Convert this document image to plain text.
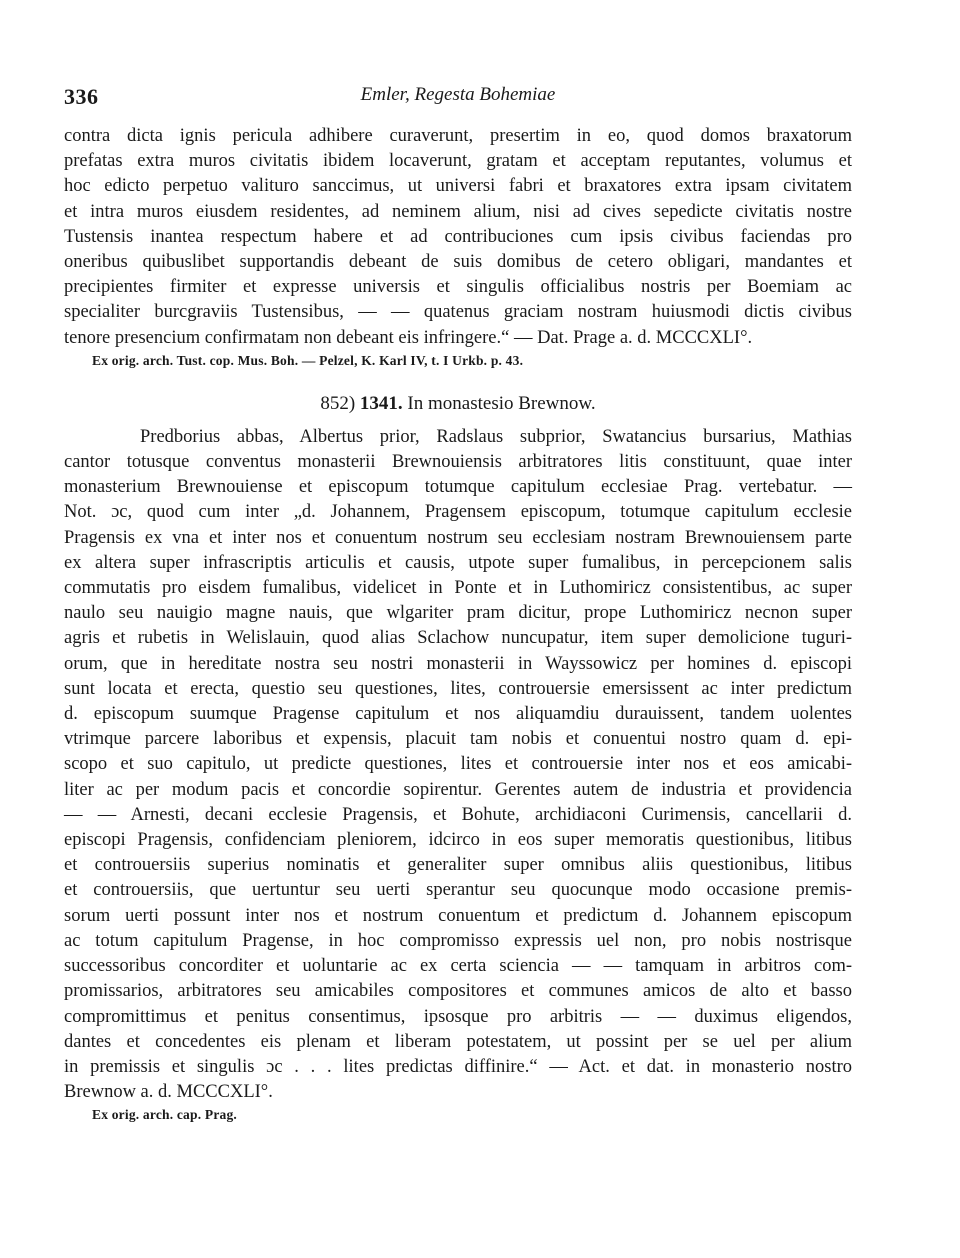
336	Emler, Regesta Bohemiae
contra dicta ignis pericula adhibere curaverunt, presertim in eo, quod domos braxatorum
prefatas extra muros civitatis ibidem locaverunt, gratam et acceptam reputantes, volumus et
hoc edicto perpetuo valituro sanccimus, ut universi fabri et braxatores extra ipsam civitatem
et intra muros eiusdem residentes, ad neminem alium, nisi ad cives sepedicte civitatis nostre
Tustensis inantea respectum habere et ad contribuciones cum ipsis civibus faciendas pro
oneribus quibuslibet supportandis debeant de suis domibus de cetero obligari, mandantes et
precipientes firmiter et expresse universis et singulis officialibus nostris per Boemiam ac
specialiter burcgraviis Tustensibus, — — quatenus graciam nostram huiusmodi dictis civibus
tenore presencium confirmatam non debeant eis infringere.“ — Dat. Prage a. d. MCCCXLI°.

Ex orig. arch. Tust. cop. Mus. Boh. — Pelzel, K. Karl IV, t. I Urkb. p. 43.

852) 1341. In monastesio Brewnow.
Predborius abbas, Albertus prior, Radslaus subprior, Swatancius bursarius, Mathias
cantor totusque conventus monasterii Brewnouiensis arbitratores litis constituunt, quae inter
monasterium Brewnouiense et episcopum totumque capitulum ecclesiae Prag. vertebatur. —
Not. ɔc, quod cum inter „d. Johannem, Pragensem episcopum, totumque capitulum ecclesie
Pragensis ex vna et inter nos et conuentum nostrum seu ecclesiam nostram Brewnouiensem parte
ex altera super infrascriptis articulis et causis, utpote super fumalibus, in percepcionem salis
commutatis pro eisdem fumalibus, videlicet in Ponte et in Luthomiricz consistentibus, ac super
naulo seu nauigio magne nauis, que wlgariter pram dicitur, prope Luthomiricz necnon super
agris et rubetis in Welislauin, quod alias Sclachow nuncupatur, item super demolicione tuguri-
orum, que in hereditate nostra seu nostri monasterii in Wayssowicz per homines d. episcopi
sunt locata et erecta, questio seu questiones, lites, controuersie emersissent ac inter predictum
d. episcopum suumque Pragense capitulum et nos aliquamdiu durauissent, tandem uolentes
vtrimque parcere laboribus et expensis, placuit tam nobis et conuentui nostro quam d. epi-
scopo et suo capitulo, ut predicte questiones, lites et controuersie inter nos et eos amicabi-
liter ac per modum pacis et concordie sopirentur. Gerentes autem de industria et providencia
— — Arnesti, decani ecclesie Pragensis, et Bohute, archidiaconi Curimensis, cancellarii d.
episcopi Pragensis, confidenciam pleniorem, idcirco in eos super memoratis questionibus, litibus
et controuersiis superius nominatis et generaliter super omnibus aliis questionibus, litibus
et controuersiis, que uertuntur seu uerti sperantur seu quocunque modo occasione premis-
sorum uerti possunt inter nos et nostrum conuentum et predictum d. Johannem episcopum
ac totum capitulum Pragense, in hoc compromisso expressis uel non, pro nobis nostrisque
successoribus concorditer et uoluntarie ac ex certa sciencia — — tamquam in arbitros com-
promissarios, arbitratores seu amicabiles compositores et communes amicos de alto et basso
compromittimus et penitus consentimus, ipsosque pro arbitris — — duximus eligendos,
dantes et concedentes eis plenam et liberam potestatem, ut possint per se uel per alium
in premissis et singulis ɔc . . . lites predictas diffinire.“ — Act. et dat. in monasterio nostro
Brewnow a. d. MCCCXLI°.

Ex orig. arch. cap. Prag.
